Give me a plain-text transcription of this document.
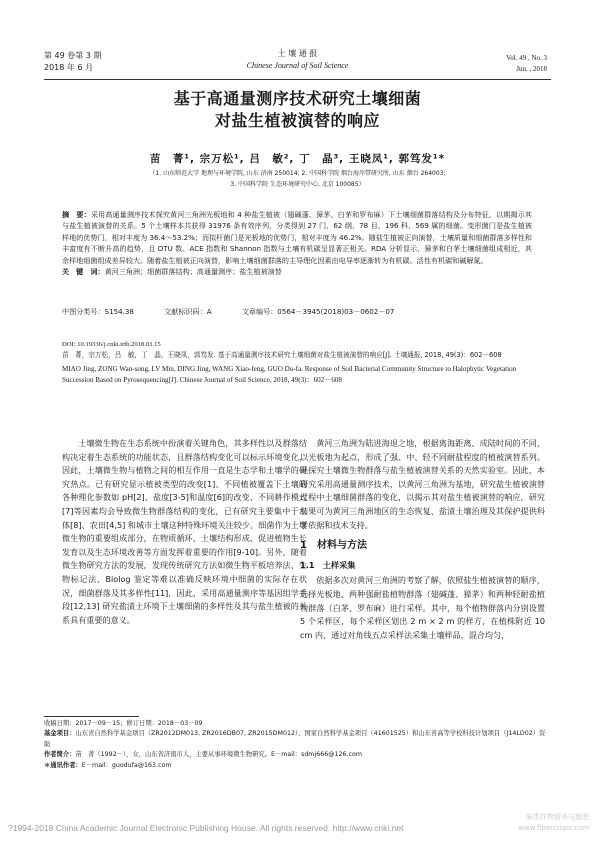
第 49 卷第 3 期
2018 年 6 月
土 壤 通 报
Chinese Journal of Soil Science
Vol. 49 , No. 3
Jun. , 2018
基于高通量测序技术研究土壤细菌
对盐生植被演替的响应
苗　菁¹, 宗万松¹, 吕　敏², 丁　晶³, 王晓凤¹, 郭笃发¹*
（1. 山东师范大学 地理与环境学院, 山东 济南 250014; 2. 中国科学院 烟台海岸带研究所, 山东 烟台 264003;
3. 中国科学院 生态环境研究中心, 北京 100085）
摘　要：采用高通量测序技术探究黄河三角洲光板地和 4 种盐生植被（翅碱蓬、獐茅、白茅和罗布麻）下土壤细菌群落结构及分布特征，以期揭示其与盐生植被演替的关系。5 个土壤样本共获得 31976 条有效序列，分类得到 27 门、62 纲、78 目、196 科、569 属的细菌。变形菌门是盐生植被样地的优势门，相对丰度为 36.4～53.2%；而拟杆菌门是光板地的优势门，相对丰度为 46.2%。随盐生植被正向演替，土壤质量和细菌群落多样性和丰富度有不断升高的趋势，且 OTU 数、ACE 指数和 Shannon 指数与土壤有机碳呈显著正相关。RDA 分析显示，獐茅和白茅土壤细菌组成相近，其余样地细菌组成差异较大。随着盐生植被正向演替，影响土壤细菌群落的主导理化因素由电导率逐渐转为有机碳、活性有机碳和碱解氮。
关　键　词：黄河三角洲；细菌群落结构；高通量测序；盐生植被演替
中图分类号：S154.38	文献标识码：A	文章编号：0564－3945(2018)03－0602－07
DOI: 10.19336/j.cnki.trtb.2018.03.15
苗　菁，宗万松，吕　敏，丁　晶，王晓凤，郭笃发. 基于高通量测序技术研究土壤细菌对盐生植被演替的响应[J]. 土壤通报, 2018, 49(3)：602－608
MIAO Jing, ZONG Wan-song, LV Min, DING Jing, WANG Xiao-feng, GUO Du-fa. Response of Soil Bacterial Community Structure to Halophytic Vegetation Succession Based on Pyrosequencing[J]. Chinese Journal of Soil Science, 2018, 49(3)：602－608

土壤微生物在生态系统中扮演着关键角色，其多样性以及群落结构决定着生态系统的功能状态，且群落结构变化可以标示环境变化，因此，土壤微生物与植物之间的相互作用一直是生态学和土壤学的研究热点。已有研究显示植被类型的改变[1]、不同植被覆盖下土壤的各种理化参数如 pH[2]、盐度[3-5]和温度[6]的改变、不同耕作模式[7]等因素均会导致微生物群落结构的变化，已有研究主要集中于水体[8]、农田[4,5] 和城市土壤这种特殊环境关注较少。细菌作为土壤微生物的重要组成部分，在物质循环、土壤结构形成、促进植物生长发育以及生态环境改善等方面发挥着重要的作用[9-10]。另外，随着微生物研究方法的发展，发现传统研究方法如微生物平板培养法、生物标记法、Biolog 鉴定等难以准确反映环境中细菌的实际存在状况，细菌群落及其多样性[11]，因此，采用高通量测序等基因组学手段[12,13] 研究盐渍土环境下土壤细菌的多样性及其与盐生植被的关系具有重要的意义。

黄河三角洲为陆进海退之地，根据离海距离、成陆时间的不同，以光板地为起点，形成了强、中、轻不同耐盐程度的植被演替系列。是探究土壤微生物群落与盐生植被演替关系的天然实验室。因此，本研究采用高通量测序技术，以黄河三角洲为基地，研究盐生植被演替过程中土壤细菌群落的变化，以揭示其对盐生植被演替的响应，研究结果可为黄河三角洲地区的生态恢复、盐渍土壤治理及其保护提供科学依据和技术支持。

1　材料与方法
1.1　土样采集

依据多次对黄河三角洲的考察了解，依照盐生植被演替的顺序，选择光板地、两种强耐盐植物群落（翅碱蓬、獐茅）和两种轻耐盐植物群落（白茅、罗布麻）进行采样。其中，每个植物群落内分别设置 5 个采样区，每个采样区划出 2 m × 2 m 的样方，在植株附近 10 cm 内，通过对角线五点采样法采集土壤样品，混合均匀，

收稿日期：2017－09－15；修订日期：2018－03－09
基金项目：山东省自然科学基金项目（ZR2012DM013, ZR2016DB07, ZR2015DM012）、国家自然科学基金项目（41601525）和山东省高等学校科技计划项目（J14LD02）资助
作者简介：苗　菁（1992－），女，山东省济南市人，主要从事环境微生物研究。E－mail：sdmj666@126.com
＊通讯作者：E－mail：guodufa@163.com
?1994-2018 China Academic Journal Electronic Publishing House. All rights reserved. http://www.cnki.net
麻类作物营养与施肥
www.fibercrops.com
